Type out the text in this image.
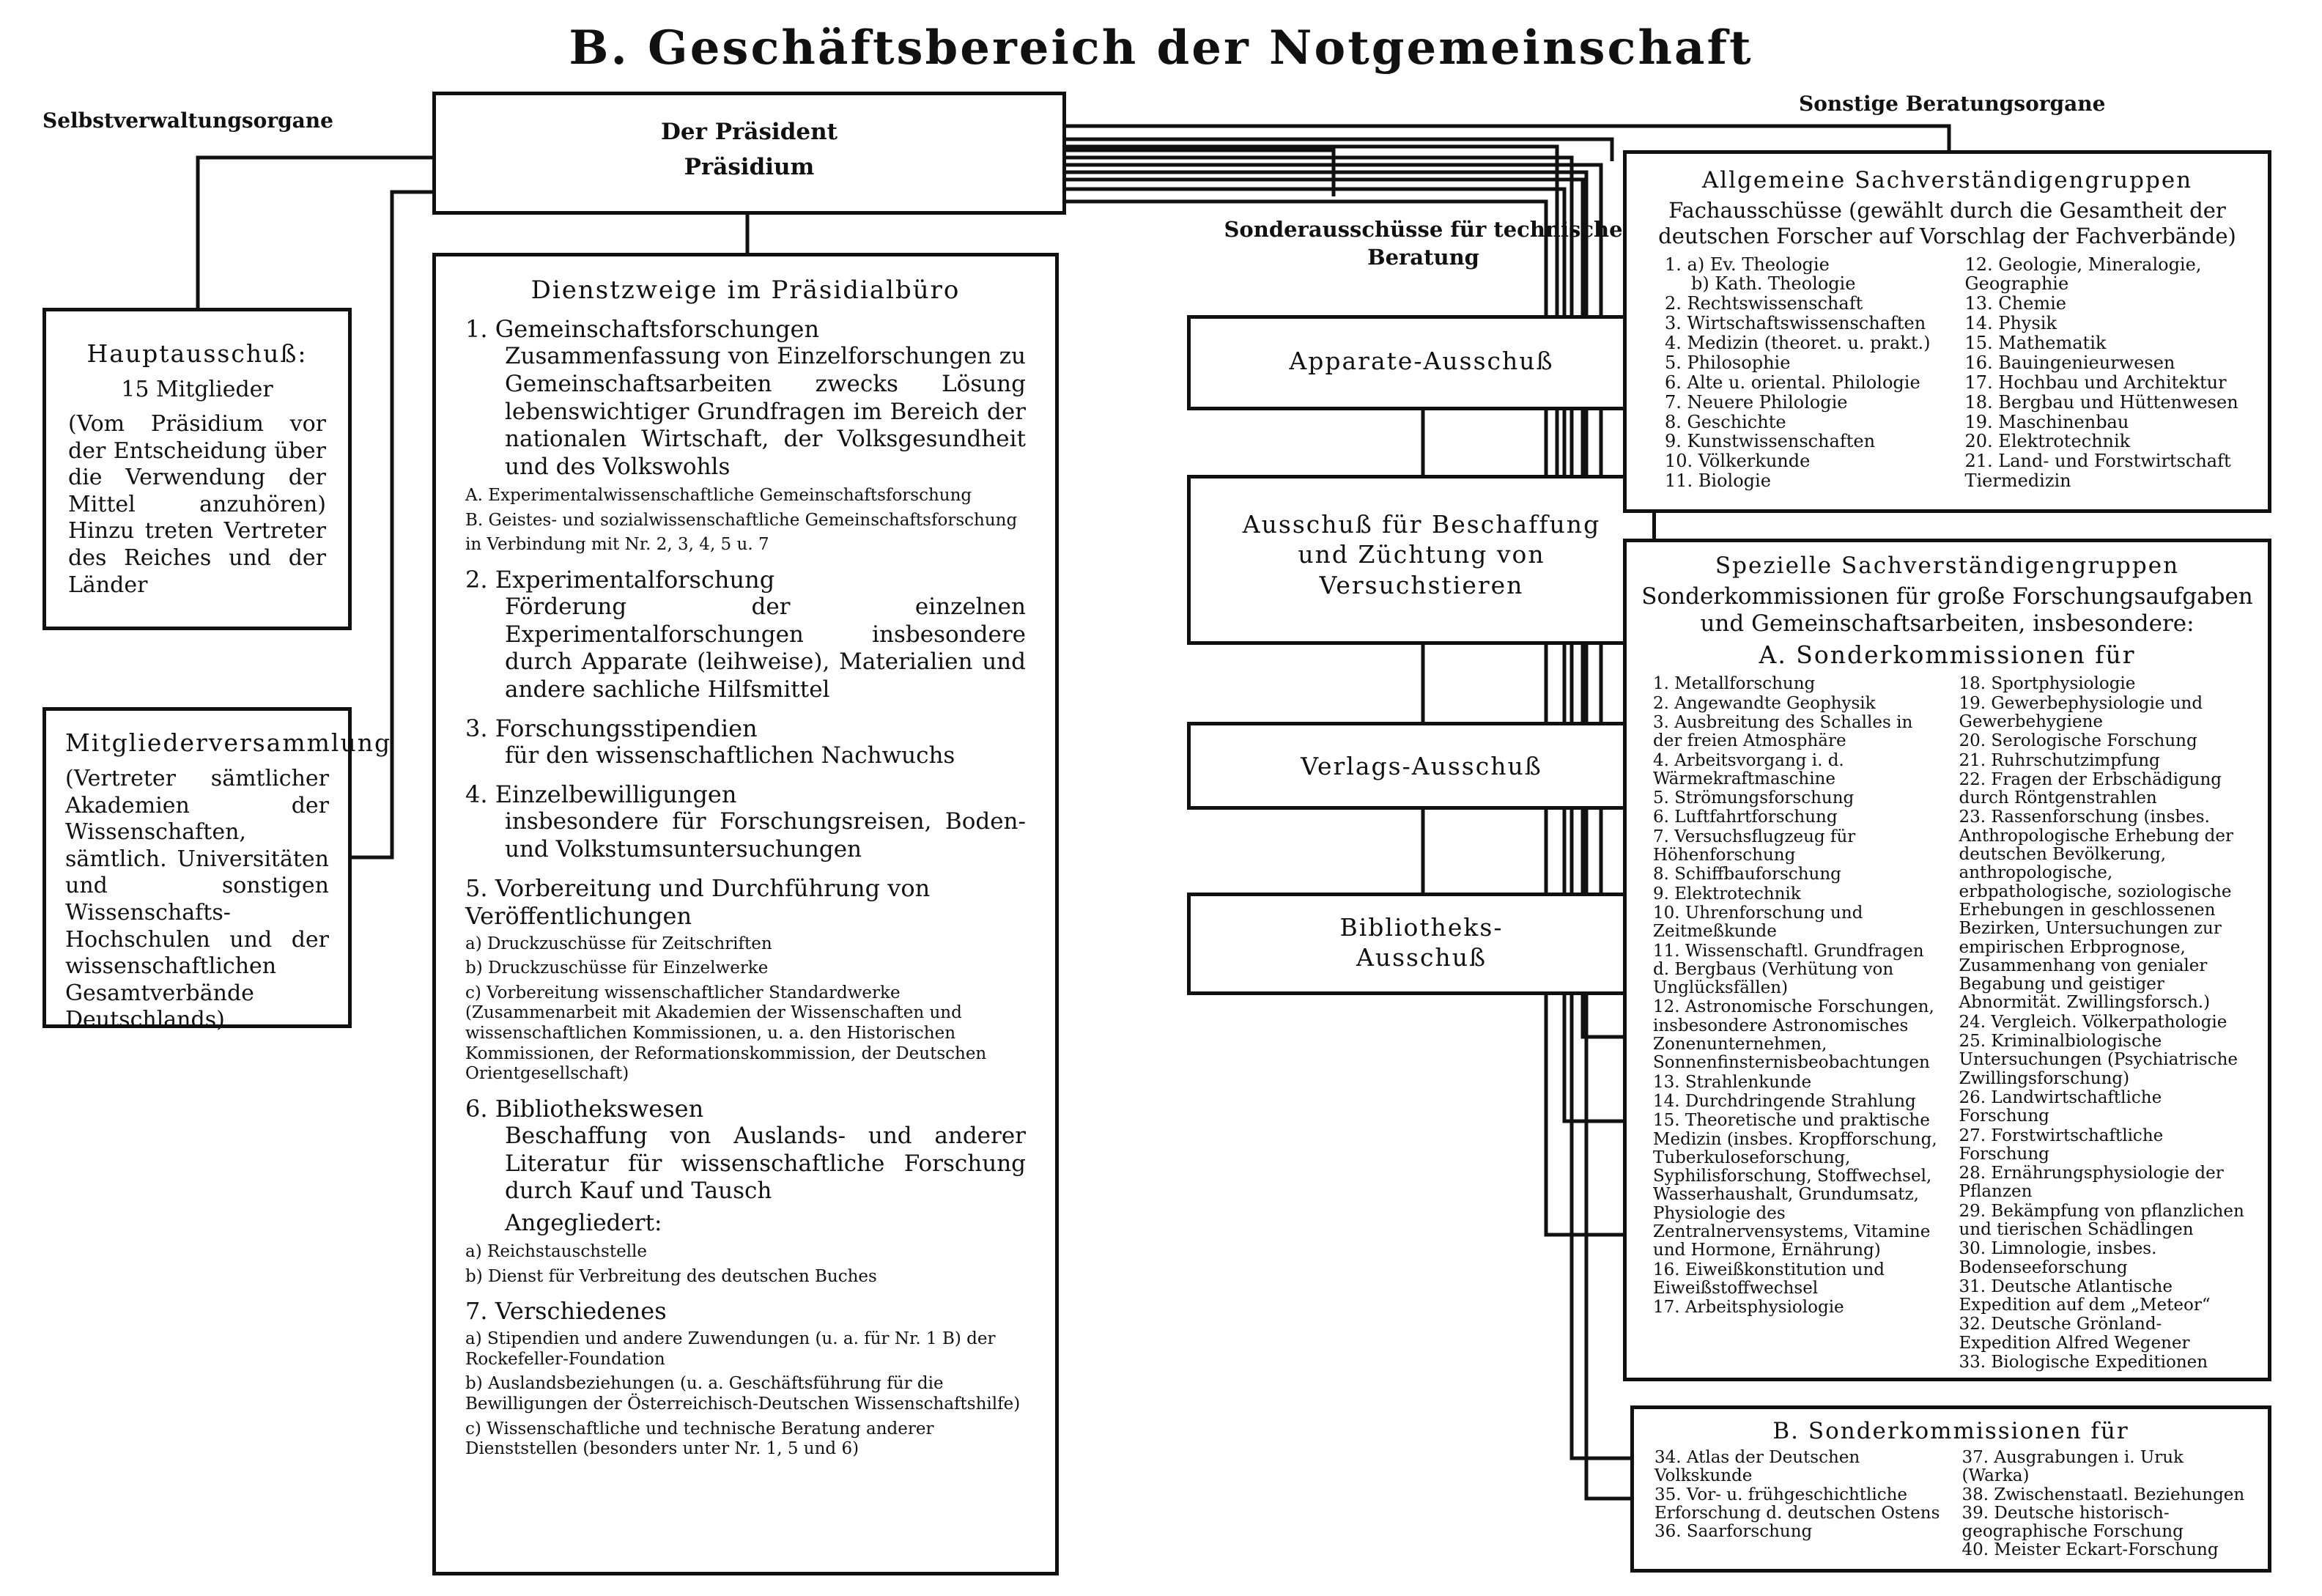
B. Geschäftsbereich der Notgemeinschaft
Selbstverwaltungsorgane
Sonstige Beratungsorgane
Der Präsident
Präsidium
Hauptausschuß:
15 Mitglieder
(Vom Präsidium vor der Entscheidung über die Verwendung der Mittel anzuhören) Hinzu treten Vertreter des Reiches und der Länder
Mitgliederversammlung
(Vertreter sämtlicher Akademien der Wissenschaften, sämtlich. Universitäten und sonstigen Wissenschafts-Hochschulen und der wissenschaftlichen Gesamtverbände Deutschlands)
Dienstzweige im Präsidialbüro
1. Gemeinschaftsforschungen
Zusammenfassung von Einzelforschungen zu Gemeinschaftsarbeiten zwecks Lösung lebenswichtiger Grundfragen im Bereich der nationalen Wirtschaft, der Volksgesundheit und des Volkswohls
A. Experimentalwissenschaftliche Gemeinschaftsforschung
B. Geistes- und sozialwissenschaftliche Gemeinschaftsforschung
in Verbindung mit Nr. 2, 3, 4, 5 u. 7
2. Experimentalforschung
Förderung der einzelnen Experimentalforschungen insbesondere durch Apparate (leihweise), Materialien und andere sachliche Hilfsmittel
3. Forschungsstipendien
für den wissenschaftlichen Nachwuchs
4. Einzelbewilligungen
insbesondere für Forschungsreisen, Boden- und Volkstumsuntersuchungen
5. Vorbereitung und Durchführung von Veröffentlichungen
a) Druckzuschüsse für Zeitschriften
b) Druckzuschüsse für Einzelwerke
c) Vorbereitung wissenschaftlicher Standardwerke (Zusammenarbeit mit Akademien der Wissenschaften und wissenschaftlichen Kommissionen, u. a. den Historischen Kommissionen, der Reformationskommission, der Deutschen Orientgesellschaft)
6. Bibliothekswesen
Beschaffung von Auslands- und anderer Literatur für wissenschaftliche Forschung durch Kauf und Tausch
Angegliedert:
a) Reichstauschstelle
b) Dienst für Verbreitung des deutschen Buches
7. Verschiedenes
a) Stipendien und andere Zuwendungen (u. a. für Nr. 1 B) der Rockefeller-Foundation
b) Auslandsbeziehungen (u. a. Geschäftsführung für die Bewilligungen der Österreichisch-Deutschen Wissenschaftshilfe)
c) Wissenschaftliche und technische Beratung anderer Dienststellen (besonders unter Nr. 1, 5 und 6)
Sonderausschüsse für technische Beratung
Apparate-Ausschuß
Ausschuß für Beschaffung und Züchtung von Versuchstieren
Verlags-Ausschuß
Bibliotheks-Ausschuß
Allgemeine Sachverständigengruppen
Fachausschüsse (gewählt durch die Gesamtheit der deutschen Forscher auf Vorschlag der Fachverbände)
1. a) Ev. Theologie
b) Kath. Theologie
2. Rechtswissenschaft
3. Wirtschaftswissenschaften
4. Medizin (theoret. u. prakt.)
5. Philosophie
6. Alte u. oriental. Philologie
7. Neuere Philologie
8. Geschichte
9. Kunstwissenschaften
10. Völkerkunde
11. Biologie
12. Geologie, Mineralogie, Geographie
13. Chemie
14. Physik
15. Mathematik
16. Bauingenieurwesen
17. Hochbau und Architektur
18. Bergbau und Hüttenwesen
19. Maschinenbau
20. Elektrotechnik
21. Land- und Forstwirtschaft Tiermedizin
Spezielle Sachverständigengruppen
Sonderkommissionen für große Forschungsaufgaben und Gemeinschaftsarbeiten, insbesondere:
A. Sonderkommissionen für
1. Metallforschung
2. Angewandte Geophysik
3. Ausbreitung des Schalles in der freien Atmosphäre
4. Arbeitsvorgang i. d. Wärmekraftmaschine
5. Strömungsforschung
6. Luftfahrtforschung
7. Versuchsflugzeug für Höhenforschung
8. Schiffbauforschung
9. Elektrotechnik
10. Uhrenforschung und Zeitmeßkunde
11. Wissenschaftl. Grundfragen d. Bergbaus (Verhütung von Unglücksfällen)
12. Astronomische Forschungen, insbesondere Astronomisches Zonenunternehmen, Sonnenfinsternisbeobachtungen
13. Strahlenkunde
14. Durchdringende Strahlung
15. Theoretische und praktische Medizin (insbes. Kropfforschung, Tuberkuloseforschung, Syphilisforschung, Stoffwechsel, Wasserhaushalt, Grundumsatz, Physiologie des Zentralnervensystems, Vitamine und Hormone, Ernährung)
16. Eiweißkonstitution und Eiweißstoffwechsel
17. Arbeitsphysiologie
18. Sportphysiologie
19. Gewerbephysiologie und Gewerbehygiene
20. Serologische Forschung
21. Ruhrschutzimpfung
22. Fragen der Erbschädigung durch Röntgenstrahlen
23. Rassenforschung (insbes. Anthropologische Erhebung der deutschen Bevölkerung, anthropologische, erbpathologische, soziologische Erhebungen in geschlossenen Bezirken, Untersuchungen zur empirischen Erbprognose, Zusammenhang von genialer Begabung und geistiger Abnormität. Zwillingsforsch.)
24. Vergleich. Völkerpathologie
25. Kriminalbiologische Untersuchungen (Psychiatrische Zwillingsforschung)
26. Landwirtschaftliche Forschung
27. Forstwirtschaftliche Forschung
28. Ernährungsphysiologie der Pflanzen
29. Bekämpfung von pflanzlichen und tierischen Schädlingen
30. Limnologie, insbes. Bodenseeforschung
31. Deutsche Atlantische Expedition auf dem „Meteor“
32. Deutsche Grönland-Expedition Alfred Wegener
33. Biologische Expeditionen
B. Sonderkommissionen für
34. Atlas der Deutschen Volkskunde
35. Vor- u. frühgeschichtliche Erforschung d. deutschen Ostens
36. Saarforschung
37. Ausgrabungen i. Uruk (Warka)
38. Zwischenstaatl. Beziehungen
39. Deutsche historisch-geographische Forschung
40. Meister Eckart-Forschung
